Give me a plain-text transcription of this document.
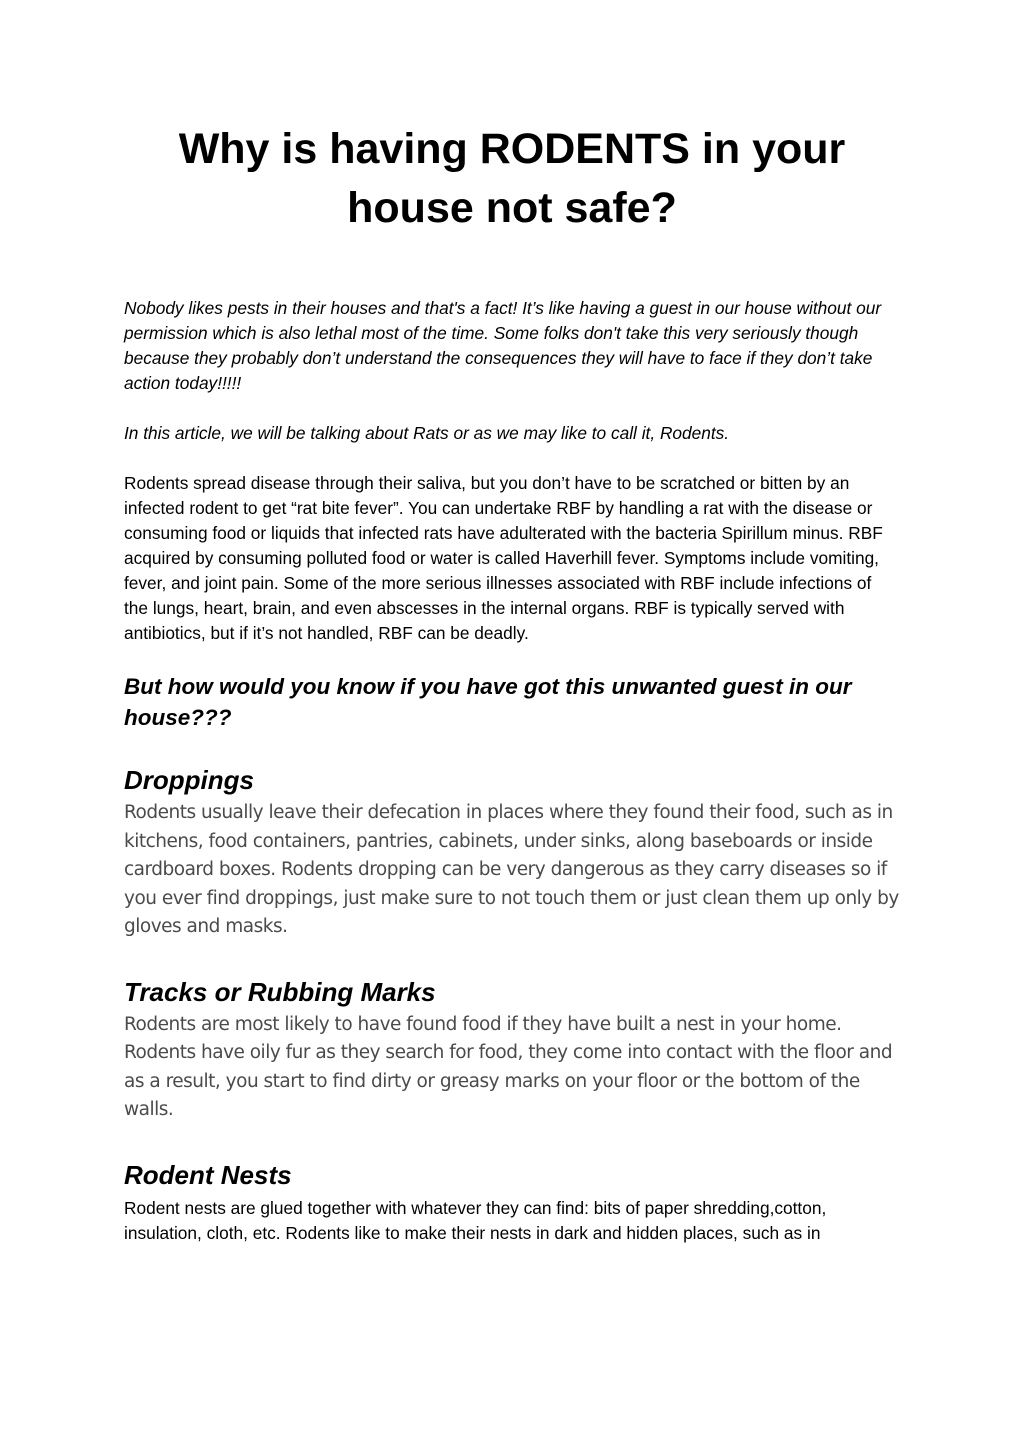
Why is having RODENTS in your
house not safe?

Nobody likes pests in their houses and that's a fact! It’s like having a guest in our house without our permission which is also lethal most of the time. Some folks don't take this very seriously though because they probably don’t understand the consequences they will have to face if they don’t take action today!!!!!

In this article, we will be talking about Rats or as we may like to call it, Rodents.

Rodents spread disease through their saliva, but you don’t have to be scratched or bitten by an infected rodent to get “rat bite fever”. You can undertake RBF by handling a rat with the disease or consuming food or liquids that infected rats have adulterated with the bacteria Spirillum minus. RBF acquired by consuming polluted food or water is called Haverhill fever. Symptoms include vomiting, fever, and joint pain. Some of the more serious illnesses associated with RBF include infections of the lungs, heart, brain, and even abscesses in the internal organs. RBF is typically served with antibiotics, but if it’s not handled, RBF can be deadly.

But how would you know if you have got this unwanted guest in our house???
Droppings

Rodents usually leave their defecation in places where they found their food, such as in kitchens, food containers, pantries, cabinets, under sinks, along baseboards or inside cardboard boxes. Rodents dropping can be very dangerous as they carry diseases so if you ever find droppings, just make sure to not touch them or just clean them up only by gloves and masks.

Tracks or Rubbing Marks

Rodents are most likely to have found food if they have built a nest in your home. Rodents have oily fur as they search for food, they come into contact with the floor and as a result, you start to find dirty or greasy marks on your floor or the bottom of the walls.

Rodent Nests

Rodent nests are glued together with whatever they can find: bits of paper shredding,cotton, insulation, cloth, etc. Rodents like to make their nests in dark and hidden places, such as in
